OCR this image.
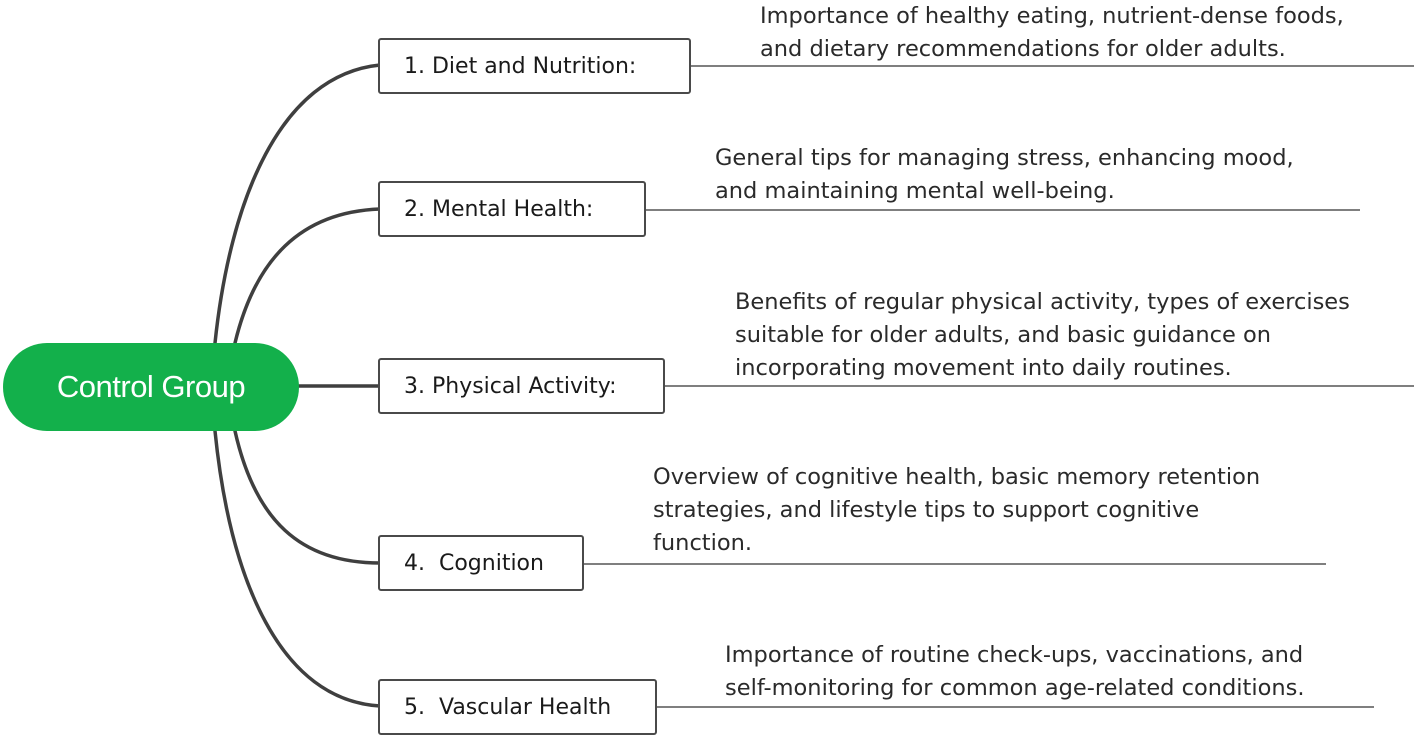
Control Group
1. Diet and Nutrition:
2. Mental Health:
3. Physical Activity:
4.  Cognition
5.  Vascular Health
Importance of healthy eating, nutrient-dense foods,
and dietary recommendations for older adults.
General tips for managing stress, enhancing mood,
and maintaining mental well-being.
Benefits of regular physical activity, types of exercises
suitable for older adults, and basic guidance on
incorporating movement into daily routines.
Overview of cognitive health, basic memory retention
strategies, and lifestyle tips to support cognitive
function.
Importance of routine check-ups, vaccinations, and
self-monitoring for common age-related conditions.
